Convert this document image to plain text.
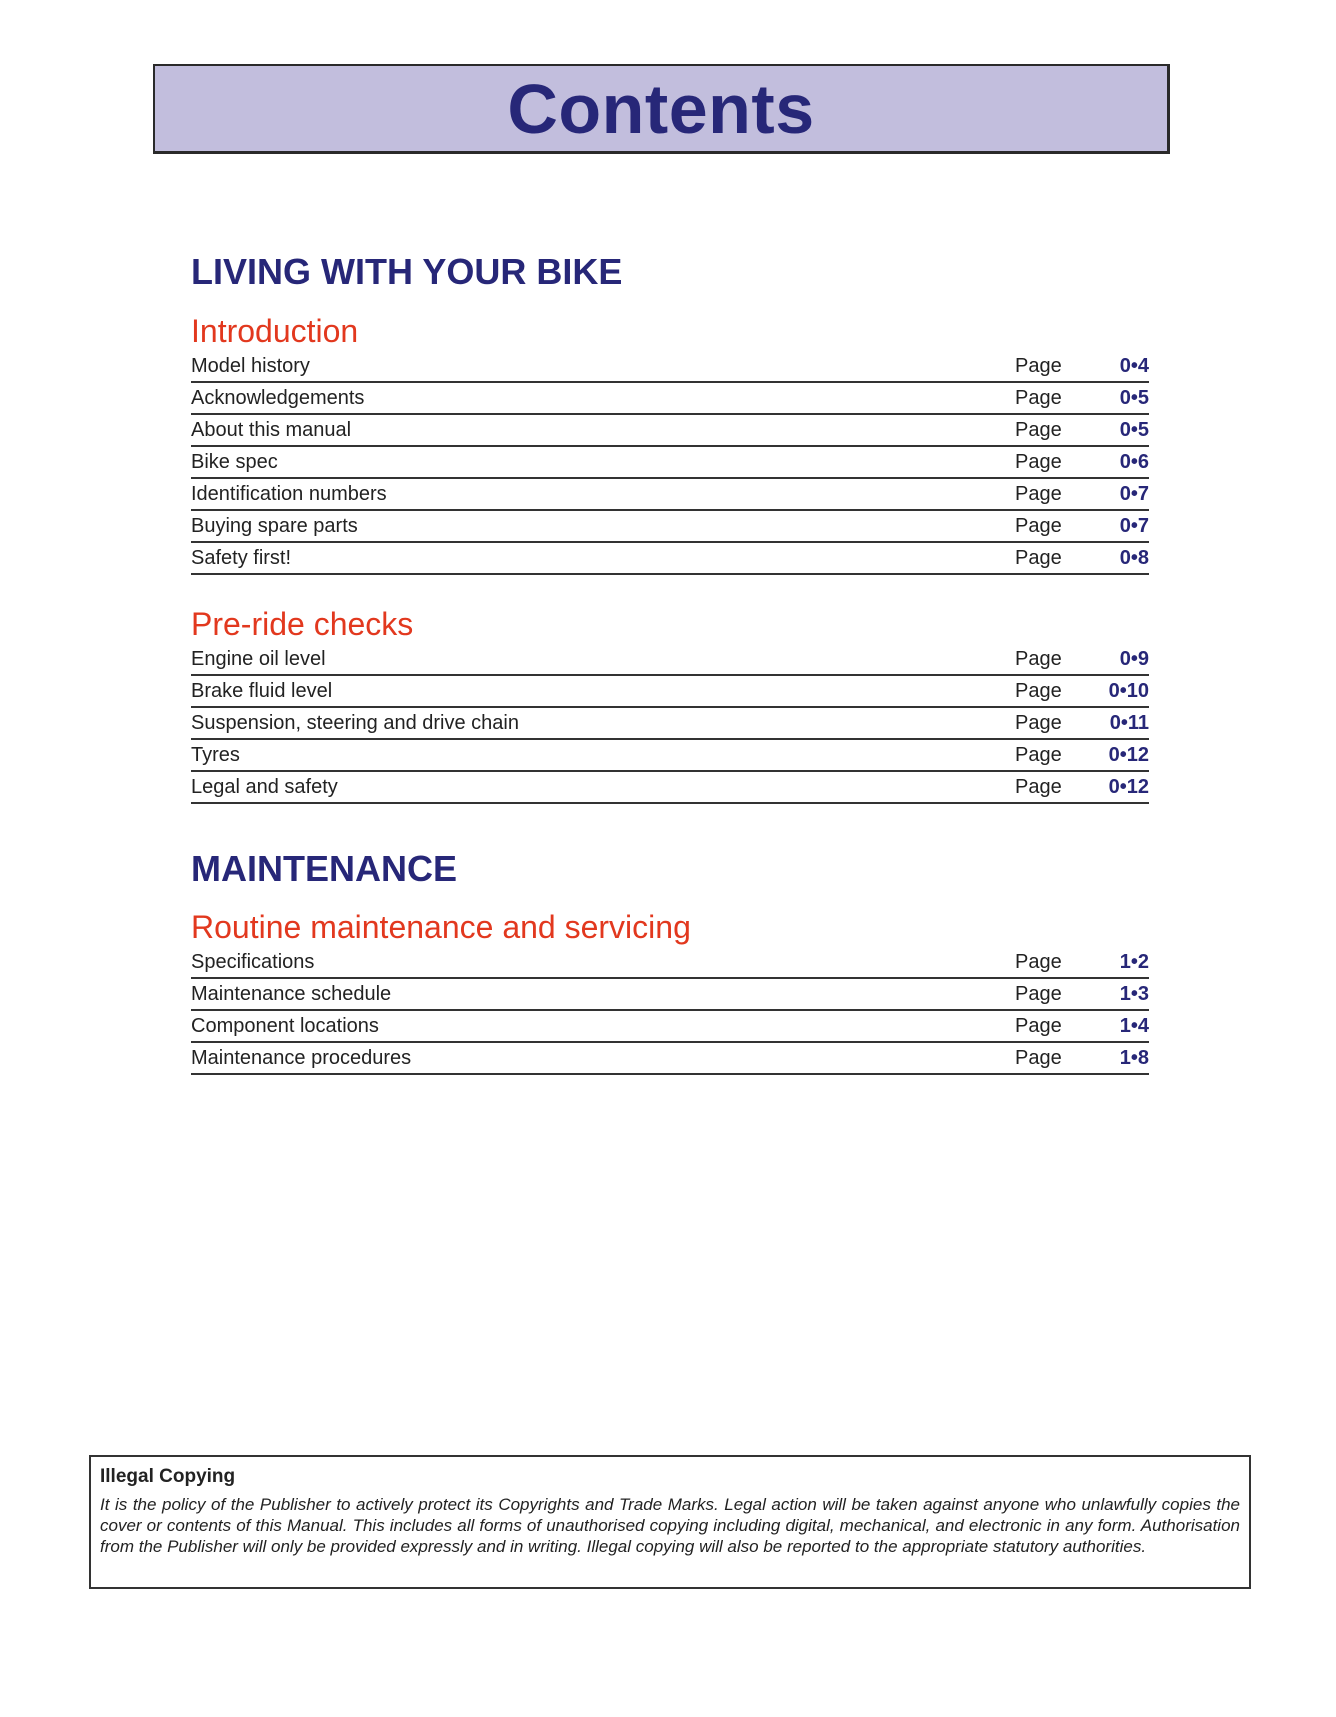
Contents
LIVING WITH YOUR BIKE
Introduction
Model history	Page	0•4
Acknowledgements	Page	0•5
About this manual	Page	0•5
Bike spec	Page	0•6
Identification numbers	Page	0•7
Buying spare parts	Page	0•7
Safety first!	Page	0•8
Pre-ride checks
Engine oil level	Page	0•9
Brake fluid level	Page	0•10
Suspension, steering and drive chain	Page	0•11
Tyres	Page	0•12
Legal and safety	Page	0•12
MAINTENANCE
Routine maintenance and servicing
Specifications	Page	1•2
Maintenance schedule	Page	1•3
Component locations	Page	1•4
Maintenance procedures	Page	1•8

Illegal Copying

It is the policy of the Publisher to actively protect its Copyrights and Trade Marks. Legal action will be taken against anyone who unlawfully copies the cover or contents of this Manual. This includes all forms of unauthorised copying including digital, mechanical, and electronic in any form. Authorisation from the Publisher will only be provided expressly and in writing. Illegal copying will also be reported to the appropriate statutory authorities.
